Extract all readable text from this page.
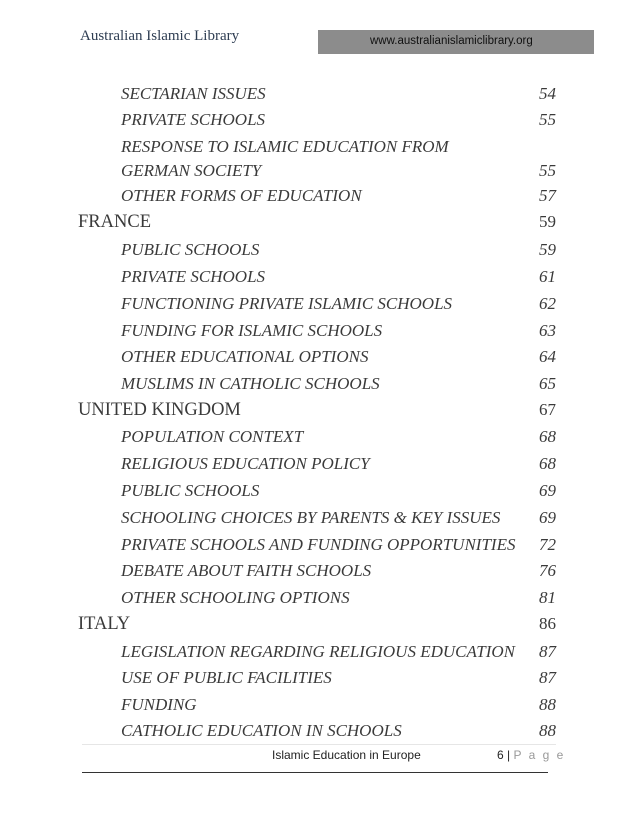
Australian Islamic Library	www.australianislamiclibrary.org
SECTARIAN ISSUES	54
PRIVATE SCHOOLS	55
RESPONSE TO ISLAMIC EDUCATION FROM
GERMAN SOCIETY	55
OTHER FORMS OF EDUCATION	57
FRANCE	59
PUBLIC SCHOOLS	59
PRIVATE SCHOOLS	61
FUNCTIONING PRIVATE ISLAMIC SCHOOLS	62
FUNDING FOR ISLAMIC SCHOOLS	63
OTHER EDUCATIONAL OPTIONS	64
MUSLIMS IN CATHOLIC SCHOOLS	65
UNITED KINGDOM	67
POPULATION CONTEXT	68
RELIGIOUS EDUCATION POLICY	68
PUBLIC SCHOOLS	69
SCHOOLING CHOICES BY PARENTS & KEY ISSUES 69
PRIVATE SCHOOLS AND FUNDING OPPORTUNITIES 72
DEBATE ABOUT FAITH SCHOOLS	76
OTHER SCHOOLING OPTIONS	81
ITALY	86
LEGISLATION REGARDING RELIGIOUS EDUCATION 87
USE OF PUBLIC FACILITIES	87
FUNDING	88
CATHOLIC EDUCATION IN SCHOOLS	88
Islamic Education in Europe	6 | P a g e
